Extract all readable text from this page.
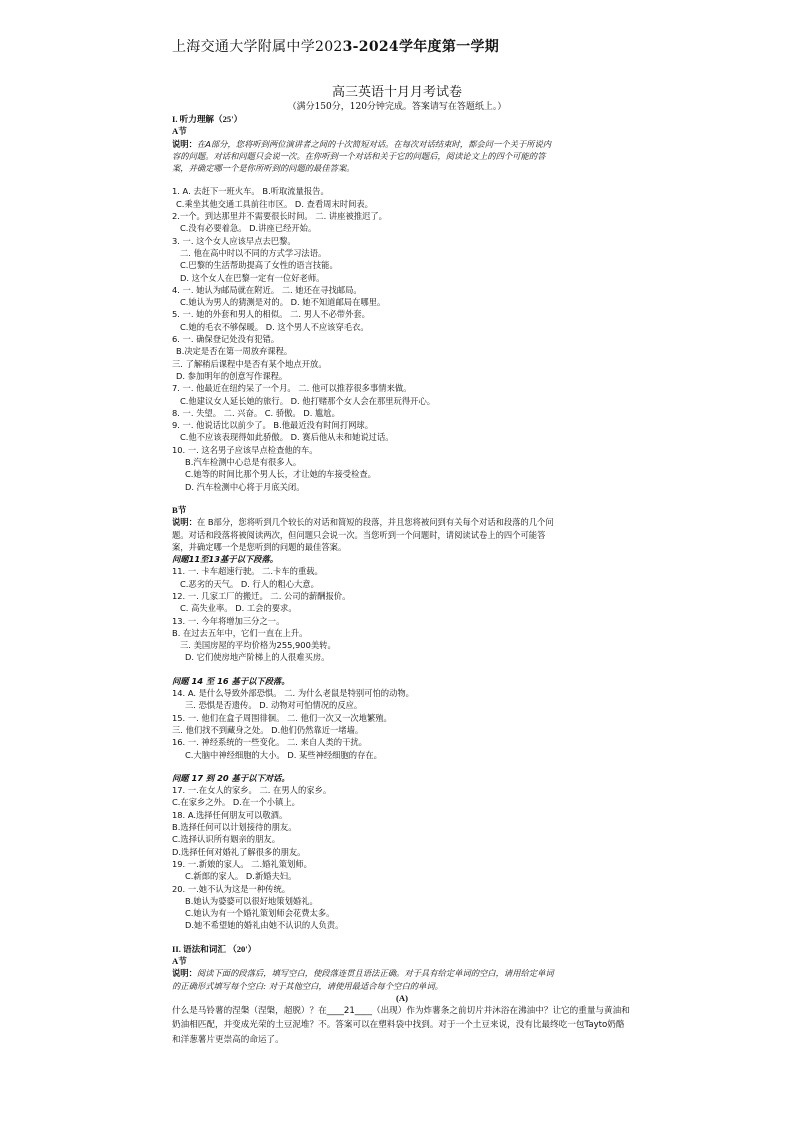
上海交通大学附属中学2023-2024学年度第一学期
高三英语十月月考试卷
（满分150分，120分钟完成。答案请写在答题纸上。）
I. 听力理解（25'）
A节
说明：在A部分，您将听到两位演讲者之间的十次简短对话。在每次对话结束时，都会问一个关于所说内
容的问题。对话和问题只会说一次。在你听到一个对话和关于它的问题后，阅读论文上的四个可能的答
案，并确定哪一个是你所听到的问题的最佳答案。
1. A. 去赶下一班火车。 B.听取流量报告。
C.乘坐其他交通工具前往市区。 D. 查看周末时间表。
2.一个。到达那里并不需要很长时间。 二. 讲座被推迟了。
C.没有必要着急。 D.讲座已经开始。
3. 一. 这个女人应该早点去巴黎。
二. 他在高中时以不同的方式学习法语。
C.巴黎的生活帮助提高了女性的语言技能。
D. 这个女人在巴黎一定有一位好老师。
4. 一. 她认为邮局就在附近。 二. 她还在寻找邮局。
C.她认为男人的猜测是对的。 D. 她不知道邮局在哪里。
5. 一. 她的外套和男人的相似。 二. 男人不必带外套。
C.她的毛衣不够保暖。 D. 这个男人不应该穿毛衣。
6. 一. 确保登记处没有犯错。
B.决定是否在第一周放弃课程。
三. 了解稍后课程中是否有某个地点开放。
D. 参加明年的创意写作课程。
7. 一. 他最近在纽约呆了一个月。 二. 他可以推荐很多事情来做。
C.他建议女人延长她的旅行。 D. 他打赌那个女人会在那里玩得开心。
8. 一. 失望。 二. 兴奋。 C. 骄傲。 D. 尴尬。
9. 一. 他说话比以前少了。 B.他最近没有时间打网球。
C.他不应该表现得如此骄傲。 D. 赛后他从未和她说过话。
10. 一. 这名男子应该早点检查他的车。
B.汽车检测中心总是有很多人。
C.她等的时间比那个男人长，才让她的车接受检查。
D. 汽车检测中心将于月底关闭。
B节
说明：在 B部分，您将听到几个较长的对话和简短的段落，并且您将被问到有关每个对话和段落的几个问
题。对话和段落将被阅读两次，但问题只会说一次。当您听到一个问题时，请阅读试卷上的四个可能答
案，并确定哪一个是您听到的问题的最佳答案。
问题11至13基于以下段落。
11. 一. 卡车超速行驶。 二.卡车的重载。
C.恶劣的天气。 D. 行人的粗心大意。
12. 一. 几家工厂的搬迁。 二. 公司的薪酬报价。
C. 高失业率。 D. 工会的要求。
13. 一. 今年将增加三分之一。
B. 在过去五年中，它们一直在上升。
三. 美国房屋的平均价格为255,900美转。
D. 它们使房地产阶梯上的人很难买房。
问题 14 至 16 基于以下段落。
14. A. 是什么导致外部恐惧。 二. 为什么老鼠是特别可怕的动物。
三. 恐惧是否遗传。 D. 动物对可怕情况的反应。
15. 一. 他们在盒子周围徘徊。 二. 他们一次又一次地繁殖。
三. 他们找不到藏身之处。 D.他们仍然靠近一堵墙。
16. 一. 神经系统的一些变化。 二. 来自人类的干扰。
C.大脑中神经细胞的大小。 D. 某些神经细胞的存在。
问题 17 到 20 基于以下对话。
17. 一.在女人的家乡。 二. 在男人的家乡。
C.在家乡之外。 D.在一个小镇上。
18. A.选择任何朋友可以敬酒。
B.选择任何可以计划接待的朋友。
C.选择认识所有姻亲的朋友。
D.选择任何对婚礼了解很多的朋友。
19. 一.新娘的家人。 二.婚礼策划师。
C.新郎的家人。 D.新婚夫妇。
20. 一.她不认为这是一种传统。
B.她认为婆婆可以很好地策划婚礼。
C.她认为有一个婚礼策划师会花费太多。
D.她不希望她的婚礼由她不认识的人负责。
II. 语法和词汇 （20'）
A节
说明：阅读下面的段落后，填写空白，使段落连贯且语法正确。对于具有给定单词的空白，请用给定单词
的正确形式填写每个空白: 对于其他空白，请使用最适合每个空白的单词。
(A)
什么是马铃薯的涅槃（涅槃，超脱）？在____21____（出现）作为炸薯条之前切片并沐浴在沸油中？让它的重量与黄油和奶油相匹配，并变成光荣的土豆泥堆？不。答案可以在塑料袋中找到。对于一个土豆来说，没有比最终吃一包Tayto奶酪和洋葱薯片更崇高的命运了。
